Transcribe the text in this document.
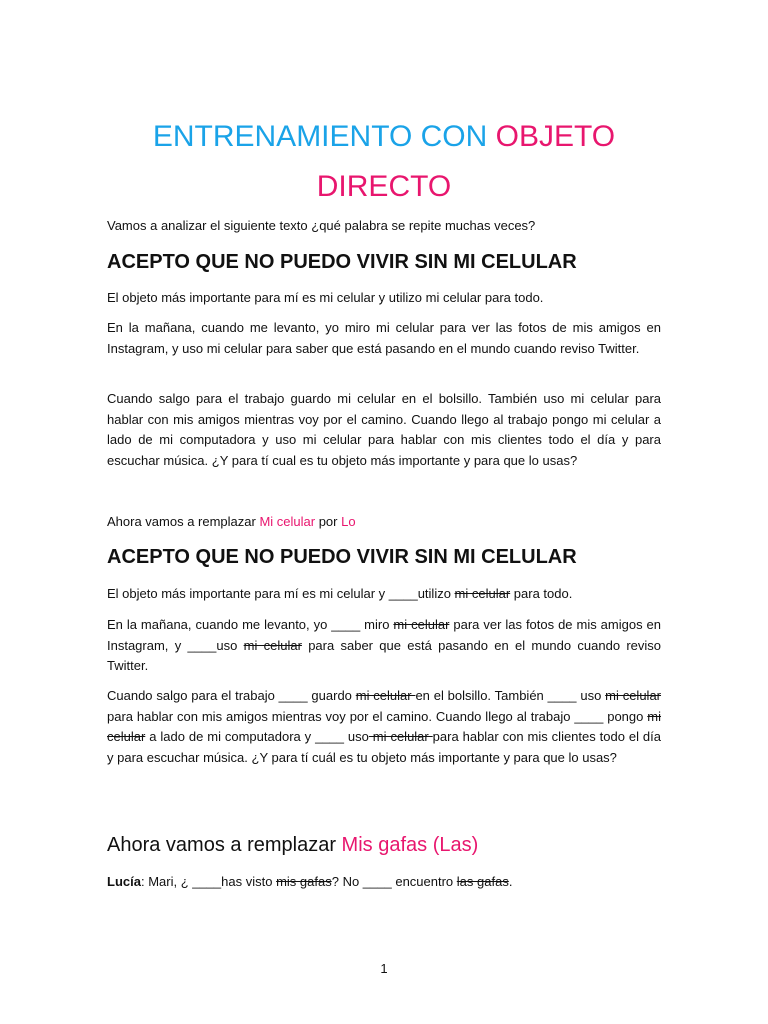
ENTRENAMIENTO CON OBJETO
DIRECTO
Vamos a analizar el siguiente texto ¿qué palabra se repite muchas veces?
ACEPTO QUE NO PUEDO VIVIR SIN MI CELULAR
El objeto más importante para mí es mi celular y utilizo mi celular para todo.
En la mañana, cuando me levanto, yo miro mi celular para ver las fotos de mis amigos en Instagram, y uso mi celular para saber que está pasando en el mundo cuando reviso Twitter.
Cuando salgo para el trabajo guardo mi celular en el bolsillo. También uso mi celular para hablar con mis amigos mientras voy por el camino. Cuando llego al trabajo pongo mi celular a lado de mi computadora y uso mi celular para hablar con mis clientes todo el día y para escuchar música. ¿Y para tí cual es tu objeto más importante y para que lo usas?
Ahora vamos a remplazar Mi celular por Lo
ACEPTO QUE NO PUEDO VIVIR SIN MI CELULAR
El objeto más importante para mí es mi celular y ____utilizo mi celular para todo.
En la mañana, cuando me levanto, yo ____ miro mi celular para ver las fotos de mis amigos en Instagram, y ____uso mi celular para saber que está pasando en el mundo cuando reviso Twitter.
Cuando salgo para el trabajo ____ guardo mi celular en el bolsillo. También ____ uso mi celular para hablar con mis amigos mientras voy por el camino. Cuando llego al trabajo ____ pongo mi celular a lado de mi computadora y ____ uso mi celular para hablar con mis clientes todo el día y para escuchar música. ¿Y para tí cuál es tu objeto más importante y para que lo usas?
Ahora vamos a remplazar Mis gafas (Las)
Lucía: Mari, ¿ ____has visto mis gafas? No ____ encuentro las gafas.
1
